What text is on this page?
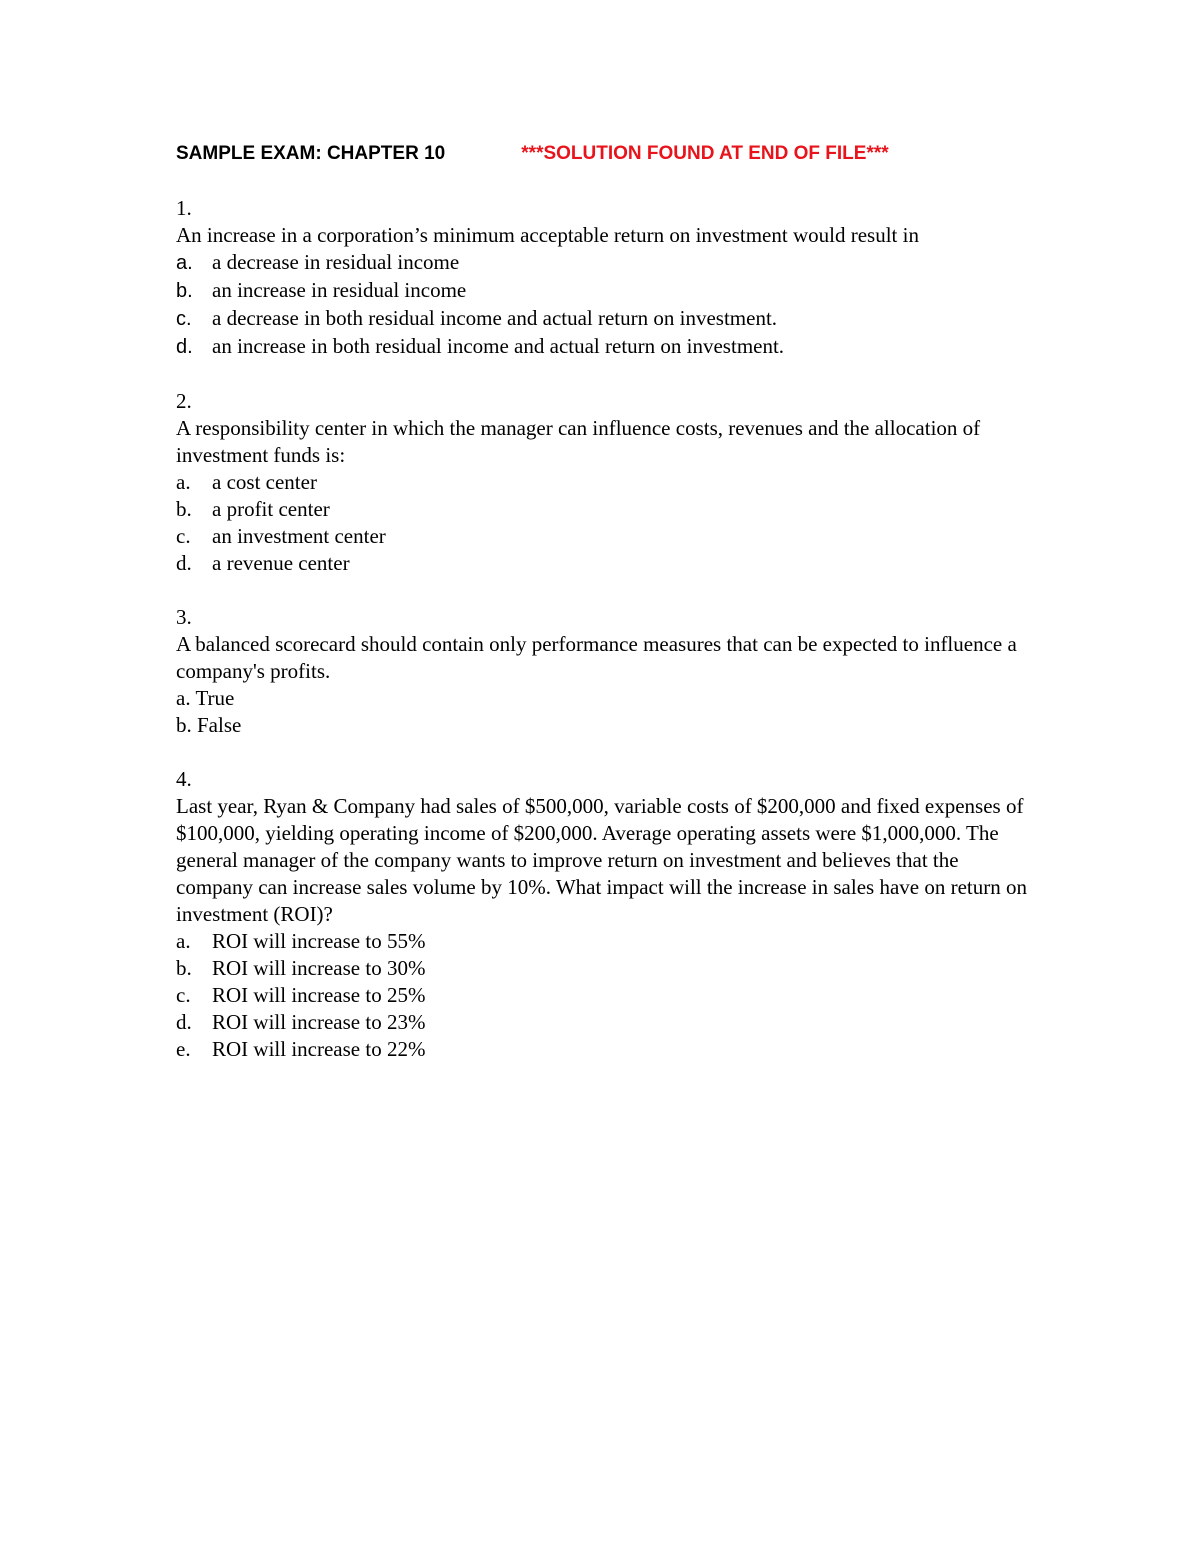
SAMPLE EXAM: CHAPTER 10	***SOLUTION FOUND AT END OF FILE***
1.
An increase in a corporation’s minimum acceptable return on investment would result in
a. a decrease in residual income
b. an increase in residual income
c. a decrease in both residual income and actual return on investment.
d. an increase in both residual income and actual return on investment.
2.
A responsibility center in which the manager can influence costs, revenues and the allocation of investment funds is:
a. a cost center
b. a profit center
c. an investment center
d. a revenue center
3.
A balanced scorecard should contain only performance measures that can be expected to influence a company's profits.
a. True
b. False
4.
Last year, Ryan & Company had sales of $500,000, variable costs of $200,000 and fixed expenses of $100,000, yielding operating income of $200,000. Average operating assets were $1,000,000. The general manager of the company wants to improve return on investment and believes that the company can increase sales volume by 10%. What impact will the increase in sales have on return on investment (ROI)?
a. ROI will increase to 55%
b. ROI will increase to 30%
c. ROI will increase to 25%
d. ROI will increase to 23%
e. ROI will increase to 22%
